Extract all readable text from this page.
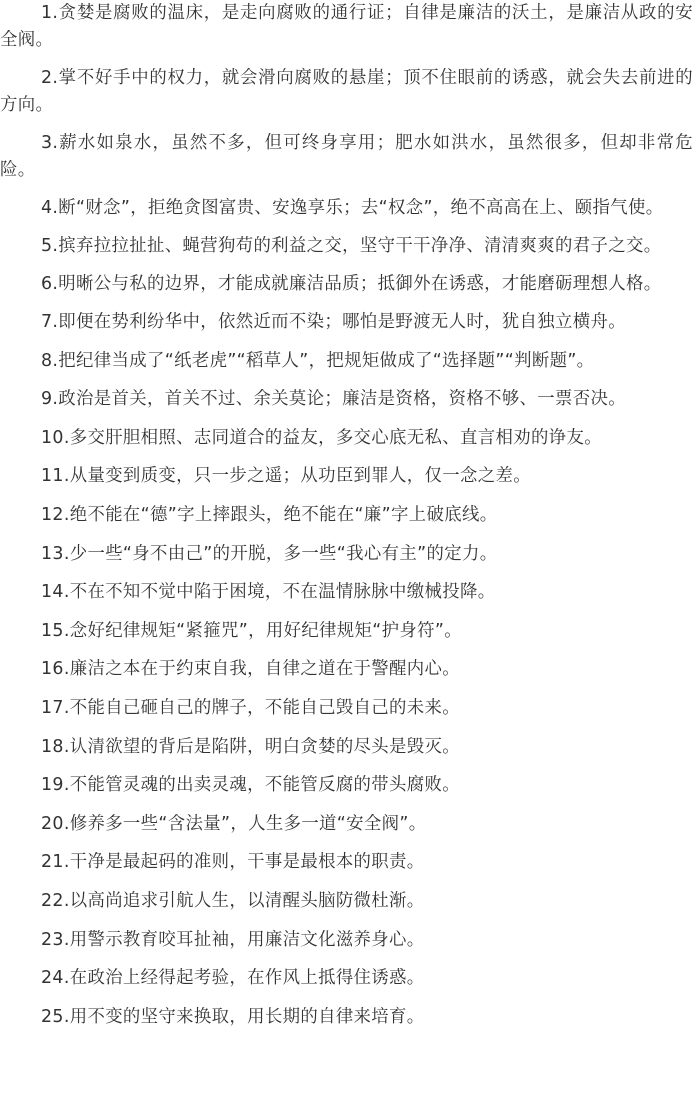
1.贪婪是腐败的温床，是走向腐败的通行证；自律是廉洁的沃土，是廉洁从政的安全阀。

2.掌不好手中的权力，就会滑向腐败的悬崖；顶不住眼前的诱惑，就会失去前进的方向。

3.薪水如泉水，虽然不多，但可终身享用；肥水如洪水，虽然很多，但却非常危险。

4.断“财念”，拒绝贪图富贵、安逸享乐；去“权念”，绝不高高在上、颐指气使。

5.摈弃拉拉扯扯、蝇营狗苟的利益之交，坚守干干净净、清清爽爽的君子之交。

6.明晰公与私的边界，才能成就廉洁品质；抵御外在诱惑，才能磨砺理想人格。

7.即便在势利纷华中，依然近而不染；哪怕是野渡无人时，犹自独立横舟。

8.把纪律当成了“纸老虎”“稻草人”，把规矩做成了“选择题”“判断题”。

9.政治是首关，首关不过、余关莫论；廉洁是资格，资格不够、一票否决。

10.多交肝胆相照、志同道合的益友，多交心底无私、直言相劝的诤友。

11.从量变到质变，只一步之遥；从功臣到罪人，仅一念之差。

12.绝不能在“德”字上摔跟头，绝不能在“廉”字上破底线。

13.少一些“身不由己”的开脱，多一些“我心有主”的定力。

14.不在不知不觉中陷于困境，不在温情脉脉中缴械投降。

15.念好纪律规矩“紧箍咒”，用好纪律规矩“护身符”。

16.廉洁之本在于约束自我，自律之道在于警醒内心。

17.不能自己砸自己的牌子，不能自己毁自己的未来。

18.认清欲望的背后是陷阱，明白贪婪的尽头是毁灭。

19.不能管灵魂的出卖灵魂，不能管反腐的带头腐败。

20.修养多一些“含法量”，人生多一道“安全阀”。

21.干净是最起码的准则，干事是最根本的职责。

22.以高尚追求引航人生，以清醒头脑防微杜渐。

23.用警示教育咬耳扯袖，用廉洁文化滋养身心。

24.在政治上经得起考验，在作风上抵得住诱惑。

25.用不变的坚守来换取，用长期的自律来培育。
